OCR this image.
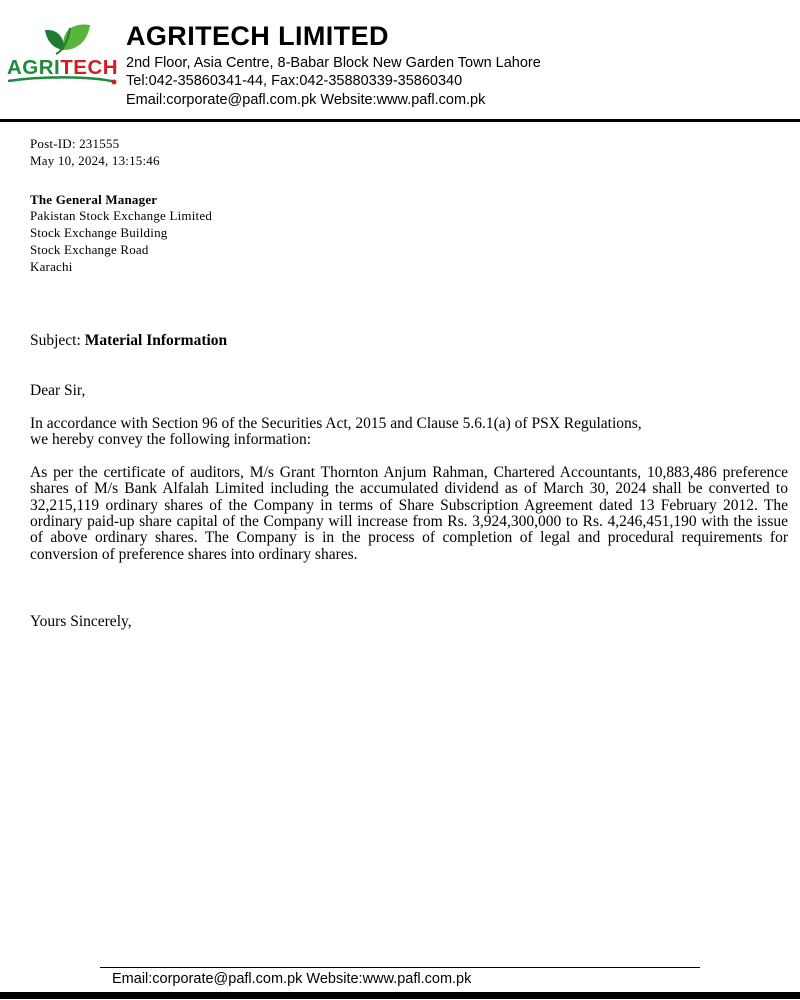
AGRITECH
AGRITECH LIMITED
2nd Floor, Asia Centre, 8-Babar Block New Garden Town Lahore
Tel:042-35860341-44, Fax:042-35880339-35860340
Email:corporate@pafl.com.pk Website:www.pafl.com.pk
Post-ID: 231555
May 10, 2024, 13:15:46
The General Manager
Pakistan Stock Exchange Limited
Stock Exchange Building
Stock Exchange Road
Karachi
Subject: Material Information

Dear Sir,

In accordance with Section 96 of the Securities Act, 2015 and Clause 5.6.1(a) of PSX Regulations,
we hereby convey the following information:

As per the certificate of auditors, M/s Grant Thornton Anjum Rahman, Chartered Accountants, 10,883,486 preference shares of M/s Bank Alfalah Limited including the accumulated dividend as of March 30, 2024 shall be converted to 32,215,119 ordinary shares of the Company in terms of Share Subscription Agreement dated 13 February 2012. The ordinary paid-up share capital of the Company will increase from Rs. 3,924,300,000 to Rs. 4,246,451,190 with the issue of above ordinary shares. The Company is in the process of completion of legal and procedural requirements for conversion of preference shares into ordinary shares.

Yours Sincerely,

Email:corporate@pafl.com.pk Website:www.pafl.com.pk
